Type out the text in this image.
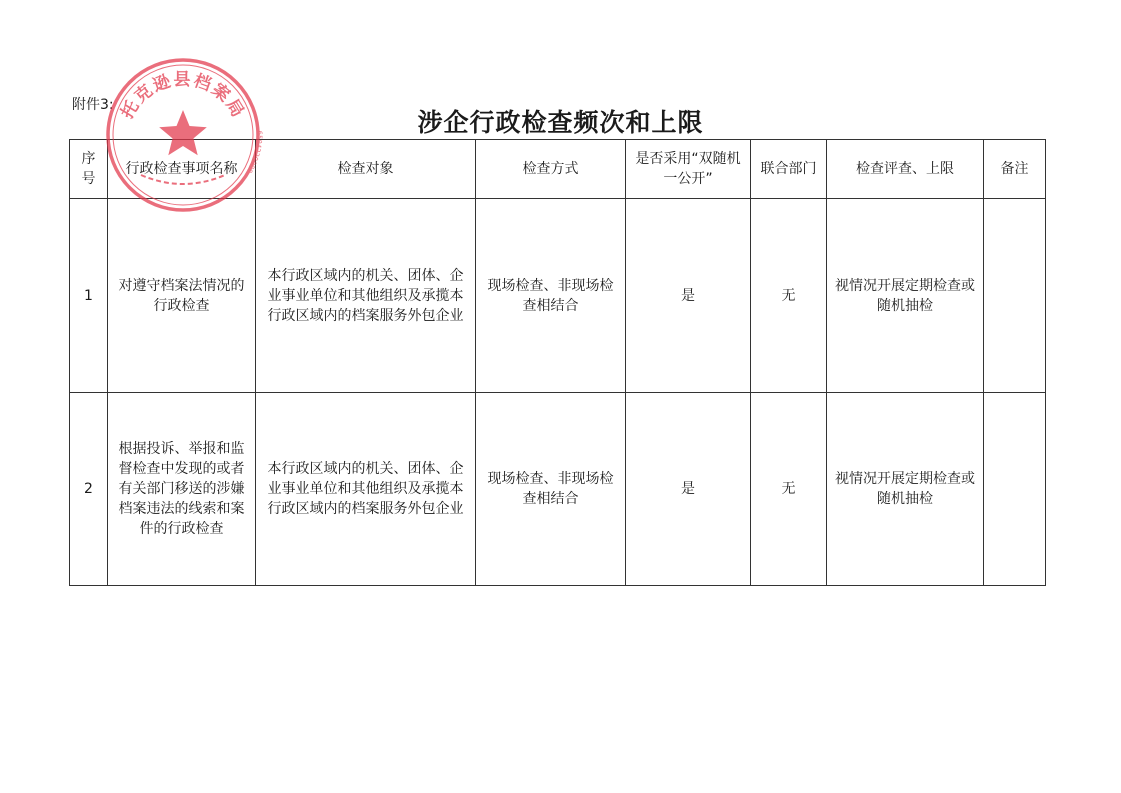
附件3:
涉企行政检查频次和上限
序号	行政检查事项名称	检查对象	检查方式	是否采用“双随机一公开”	联合部门	检查评查、上限	备注
1	对遵守档案法情况的行政检查	本行政区域内的机关、团体、企业事业单位和其他组织及承揽本行政区域内的档案服务外包企业	现场检查、非现场检查相结合	是	无	视情况开展定期检查或随机抽检	
2	根据投诉、举报和监督检查中发现的或者有关部门移送的涉嫌档案违法的线索和案件的行政检查	本行政区域内的机关、团体、企业事业单位和其他组织及承揽本行政区域内的档案服务外包企业	现场检查、非现场检查相结合	是	无	视情况开展定期检查或随机抽检	
托克逊县档案局
6504220000
